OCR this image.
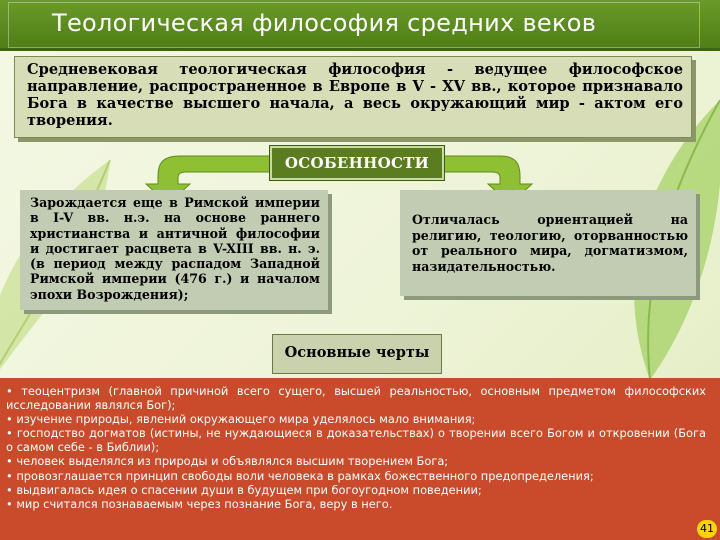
Теологическая философия средних веков
Средневековая теологическая философия - ведущее философское направление, распространенное в Европе в V - XV вв., которое признавало Бога в качестве высшего начала, а весь окружающий мир - актом его творения.
ОСОБЕННОСТИ
Зарождается еще в Римской империи в I-V вв. н.э. на основе раннего христианства и античной философии и достигает расцвета в V-XIII вв. н. э. (в период между распадом Западной Римской империи (476 г.) и началом эпохи Возрождения);
Отличалась ориентацией на религию, теологию, оторванностью от реального мира, догматизмом, назидательностью.
Основные черты
• теоцентризм (главной причиной всего сущего, высшей реальностью, основным предметом философских исследовании являлся Бог);
• изучение природы, явлений окружающего мира уделялось мало внимания;
• господство догматов (истины, не нуждающиеся в доказательствах) о творении всего Богом и откровении (Бога о самом себе - в Библии);
• человек выделялся из природы и объявлялся высшим творением Бога;
• провозглашается принцип свободы воли человека в рамках божественного предопределения;
• выдвигалась идея о спасении души в будущем при богоугодном поведении;
• мир считался познаваемым через познание Бога, веру в него.
41
